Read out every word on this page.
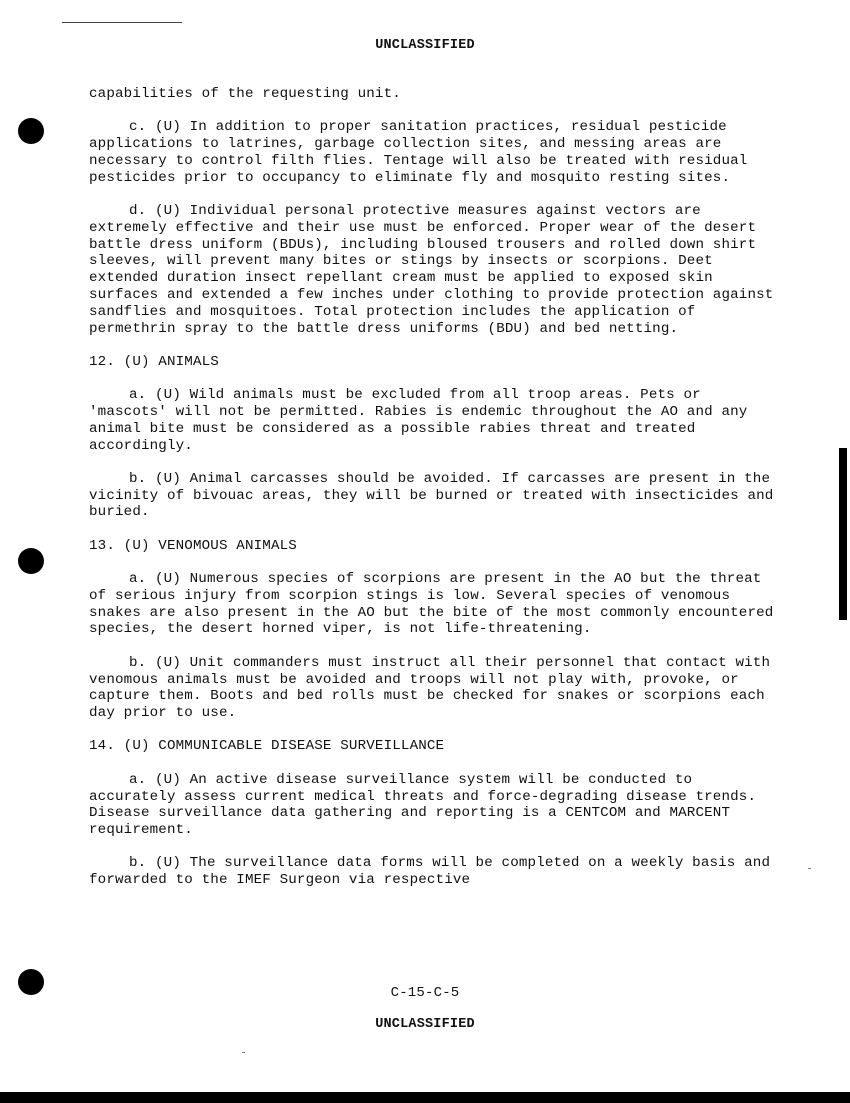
UNCLASSIFIED

capabilities of the requesting unit.

c. (U) In addition to proper sanitation practices, residual pesticide applications to latrines, garbage collection sites, and messing areas are necessary to control filth flies. Tentage will also be treated with residual pesticides prior to occupancy to eliminate fly and mosquito resting sites.

d. (U) Individual personal protective measures against vectors are extremely effective and their use must be enforced. Proper wear of the desert battle dress uniform (BDUs), including bloused trousers and rolled down shirt sleeves, will prevent many bites or stings by insects or scorpions. Deet extended duration insect repellant cream must be applied to exposed skin surfaces and extended a few inches under clothing to provide protection against sandflies and mosquitoes. Total protection includes the application of permethrin spray to the battle dress uniforms (BDU) and bed netting.

12. (U) ANIMALS

a. (U) Wild animals must be excluded from all troop areas. Pets or 'mascots' will not be permitted. Rabies is endemic throughout the AO and any animal bite must be considered as a possible rabies threat and treated accordingly.

b. (U) Animal carcasses should be avoided. If carcasses are present in the vicinity of bivouac areas, they will be burned or treated with insecticides and buried.

13. (U) VENOMOUS ANIMALS

a. (U) Numerous species of scorpions are present in the AO but the threat of serious injury from scorpion stings is low. Several species of venomous snakes are also present in the AO but the bite of the most commonly encountered species, the desert horned viper, is not life-threatening.

b. (U) Unit commanders must instruct all their personnel that contact with venomous animals must be avoided and troops will not play with, provoke, or capture them. Boots and bed rolls must be checked for snakes or scorpions each day prior to use.

14. (U) COMMUNICABLE DISEASE SURVEILLANCE

a. (U) An active disease surveillance system will be conducted to accurately assess current medical threats and force-degrading disease trends. Disease surveillance data gathering and reporting is a CENTCOM and MARCENT requirement.

b. (U) The surveillance data forms will be completed on a weekly basis and forwarded to the IMEF Surgeon via respective

C-15-C-5
UNCLASSIFIED
